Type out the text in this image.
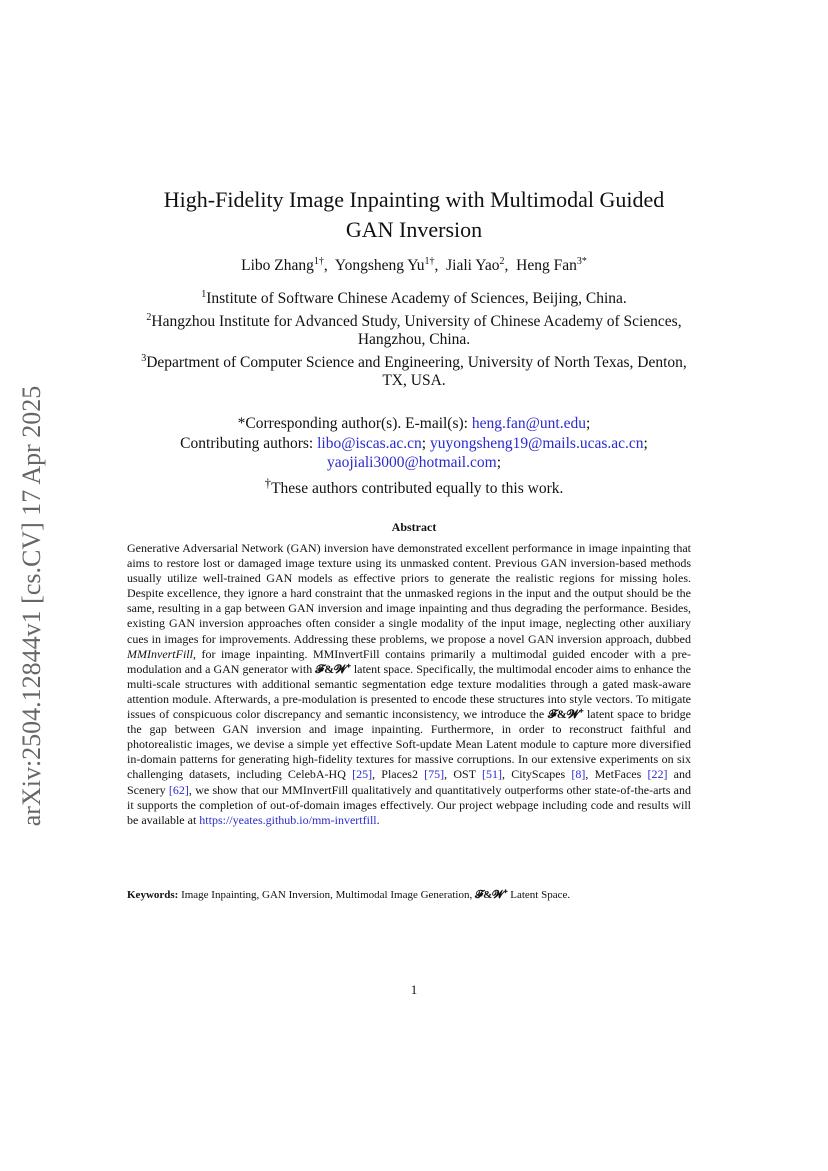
arXiv:2504.12844v1 [cs.CV] 17 Apr 2025
High-Fidelity Image Inpainting with Multimodal Guided
GAN Inversion
Libo Zhang$^{1\dagger}$,  Yongsheng $Yu^{1\dagger}$,  Jiali Yao$^2$,  Heng Fan$^{3*}$
$^1$Institute of Software Chinese Academy of Sciences, Beijing, China.
$^2$Hangzhou Institute for Advanced Study, University of Chinese Academy of Sciences,
Hangzhou, China.
$^3$Department of Computer Science and Engineering, University of North Texas, Denton,
TX, USA.
*Corresponding author(s). E-mail(s): heng.fan@unt.edu;
Contributing authors: libo@iscas.ac.cn; yuyongsheng19@mails.ucas.ac.cn;
yaojiali3000@hotmail.com;
†These authors contributed equally to this work.
Abstract
Generative Adversarial Network (GAN) inversion have demonstrated excellent performance in image inpainting that aims to restore lost or damaged image texture using its unmasked content. Previous GAN inversion-based methods usually utilize well-trained GAN models as effective priors to generate the realistic regions for missing holes. Despite excellence, they ignore a hard constraint that the unmasked regions in the input and the output should be the same, resulting in a gap between GAN inversion and image inpainting and thus degrading the performance. Besides, existing GAN inversion approaches often consider a single modality of the input image, neglecting other auxiliary cues in images for improvements. Addressing these problems, we propose a novel GAN inversion approach, dubbed MMInvertFill, for image inpainting. MMInvertFill contains primarily a multimodal guided encoder with a pre-modulation and a GAN generator with 𝓕&𝓦⁺ latent space. Specifically, the multimodal encoder aims to enhance the multi-scale structures with additional semantic segmentation edge texture modalities through a gated mask-aware attention module. Afterwards, a pre-modulation is presented to encode these structures into style vectors. To mitigate issues of conspicuous color discrepancy and semantic inconsistency, we introduce the 𝓕&𝓦⁺ latent space to bridge the gap between GAN inversion and image inpainting. Furthermore, in order to reconstruct faithful and photorealistic images, we devise a simple yet effective Soft-update Mean Latent module to capture more diversified in-domain patterns for generating high-fidelity textures for massive corruptions. In our extensive experiments on six challenging datasets, including CelebA-HQ [25], Places2 [75], OST [51], CityScapes [8], MetFaces [22] and Scenery [62], we show that our MMInvertFill qualitatively and quantitatively outperforms other state-of-the-arts and it supports the completion of out-of-domain images effectively. Our project webpage including code and results will be available at https://yeates.github.io/mm-invertfill.
Keywords: Image Inpainting, GAN Inversion, Multimodal Image Generation, 𝓕&𝓦⁺ Latent Space.
1
